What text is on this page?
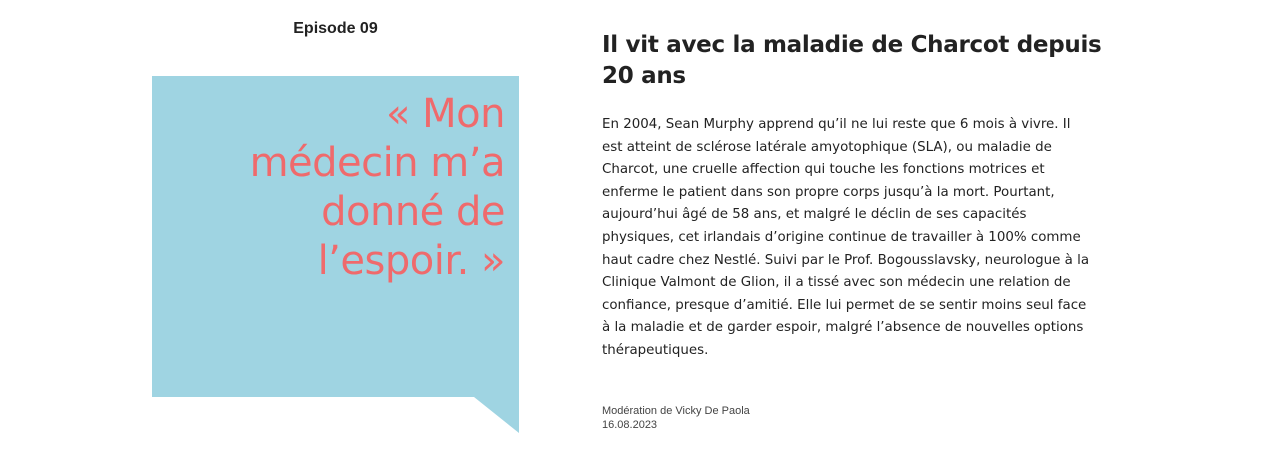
Episode 09

« Mon
médecin m’a
donné de
l’espoir. »

Il vit avec la maladie de Charcot depuis 20 ans

En 2004, Sean Murphy apprend qu’il ne lui reste que 6 mois à vivre. Il est atteint de sclérose latérale amyotophique (SLA), ou maladie de Charcot, une cruelle affection qui touche les fonctions motrices et enferme le patient dans son propre corps jusqu’à la mort. Pourtant, aujourd’hui âgé de 58 ans, et malgré le déclin de ses capacités physiques, cet irlandais d’origine continue de travailler à 100% comme haut cadre chez Nestlé. Suivi par le Prof. Bogousslavsky, neurologue à la Clinique Valmont de Glion, il a tissé avec son médecin une relation de confiance, presque d’amitié. Elle lui permet de se sentir moins seul face à la maladie et de garder espoir, malgré l’absence de nouvelles options thérapeutiques.

Modération de Vicky De Paola
16.08.2023
